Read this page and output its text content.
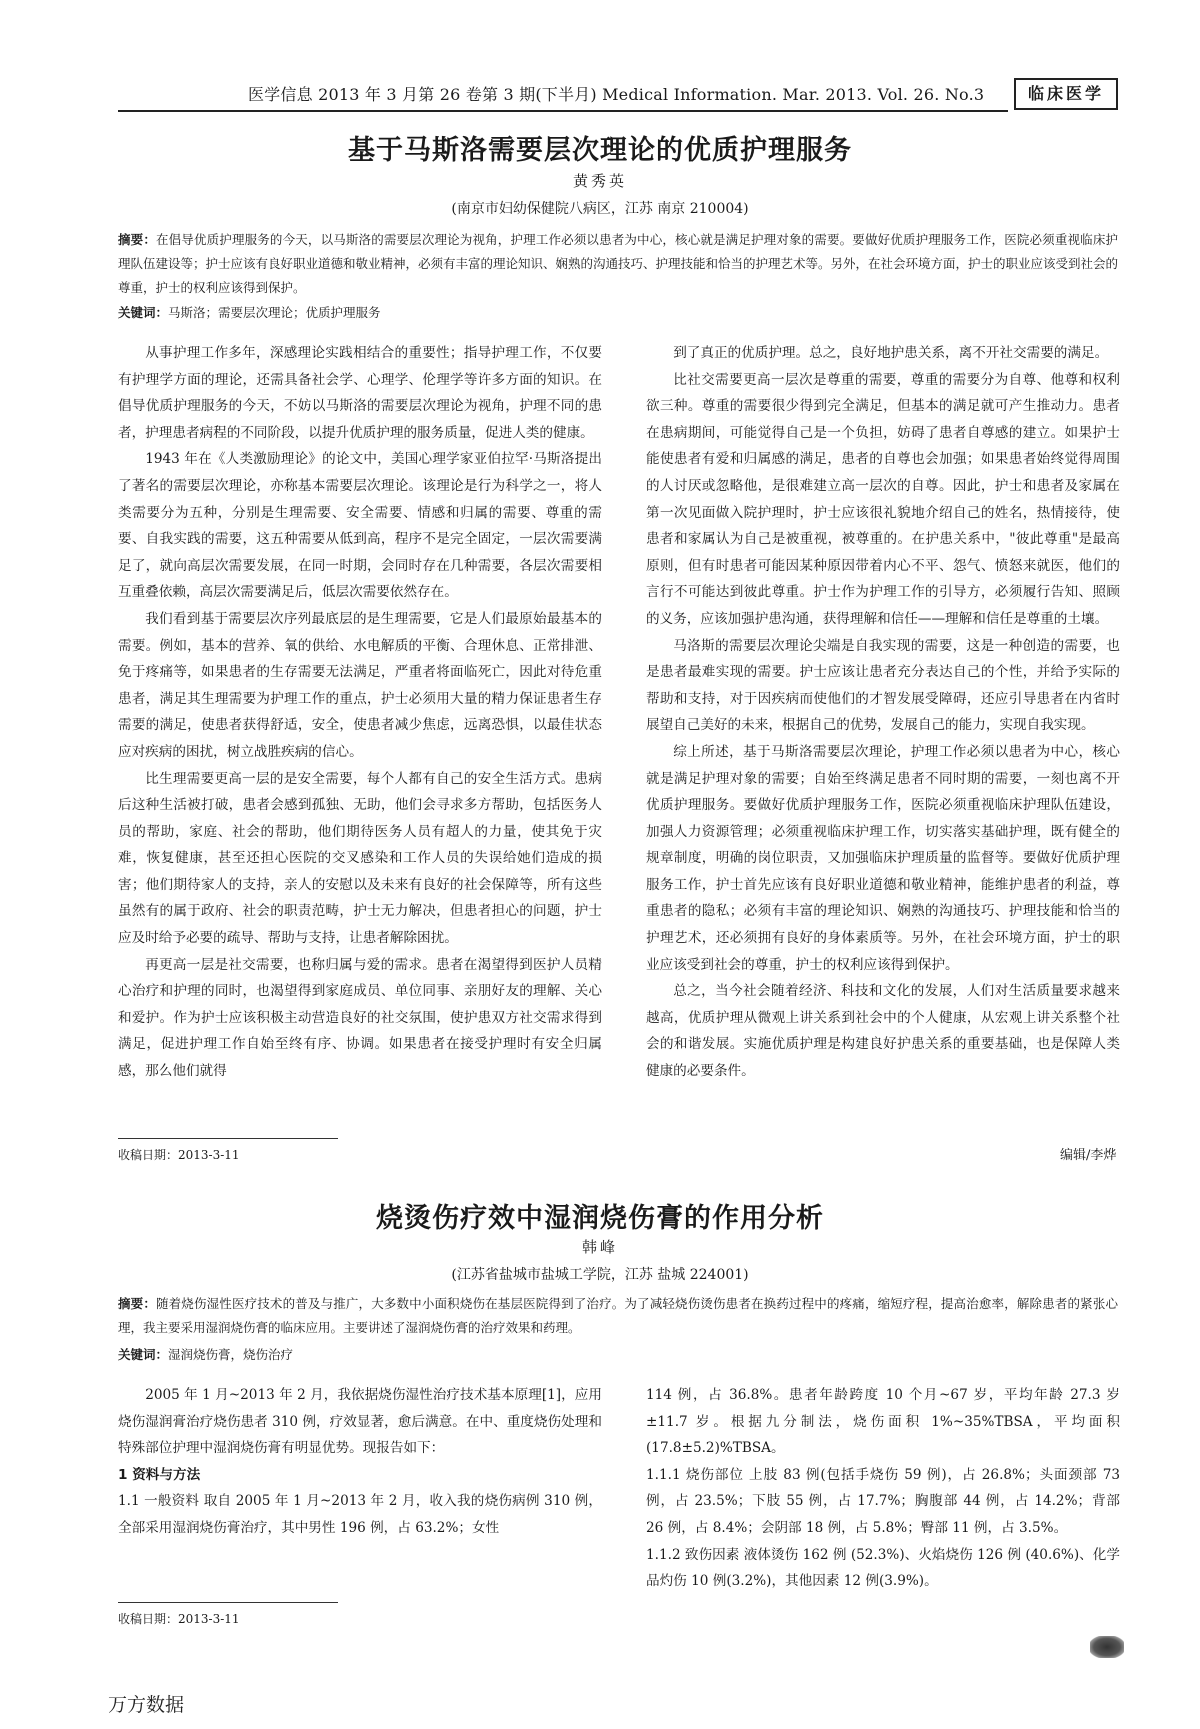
医学信息 2013 年 3 月第 26 卷第 3 期(下半月) Medical Information. Mar. 2013. Vol. 26. No.3	临床医学
基于马斯洛需要层次理论的优质护理服务
黄秀英
(南京市妇幼保健院八病区，江苏 南京 210004)
摘要：在倡导优质护理服务的今天，以马斯洛的需要层次理论为视角，护理工作必须以患者为中心，核心就是满足护理对象的需要。要做好优质护理服务工作，医院必须重视临床护理队伍建设等；护士应该有良好职业道德和敬业精神，必须有丰富的理论知识、娴熟的沟通技巧、护理技能和恰当的护理艺术等。另外，在社会环境方面，护士的职业应该受到社会的尊重，护士的权利应该得到保护。
关键词：马斯洛；需要层次理论；优质护理服务

从事护理工作多年，深感理论实践相结合的重要性；指导护理工作，不仅要有护理学方面的理论，还需具备社会学、心理学、伦理学等许多方面的知识。在倡导优质护理服务的今天，不妨以马斯洛的需要层次理论为视角，护理不同的患者，护理患者病程的不同阶段，以提升优质护理的服务质量，促进人类的健康。

1943 年在《人类激励理论》的论文中，美国心理学家亚伯拉罕·马斯洛提出了著名的需要层次理论，亦称基本需要层次理论。该理论是行为科学之一，将人类需要分为五种，分别是生理需要、安全需要、情感和归属的需要、尊重的需要、自我实践的需要，这五种需要从低到高，程序不是完全固定，一层次需要满足了，就向高层次需要发展，在同一时期，会同时存在几种需要，各层次需要相互重叠依赖，高层次需要满足后，低层次需要依然存在。

我们看到基于需要层次序列最底层的是生理需要，它是人们最原始最基本的需要。例如，基本的营养、氧的供给、水电解质的平衡、合理休息、正常排泄、免于疼痛等，如果患者的生存需要无法满足，严重者将面临死亡，因此对待危重患者，满足其生理需要为护理工作的重点，护士必须用大量的精力保证患者生存需要的满足，使患者获得舒适，安全，使患者减少焦虑，远离恐惧，以最佳状态应对疾病的困扰，树立战胜疾病的信心。

比生理需要更高一层的是安全需要，每个人都有自己的安全生活方式。患病后这种生活被打破，患者会感到孤独、无助，他们会寻求多方帮助，包括医务人员的帮助，家庭、社会的帮助，他们期待医务人员有超人的力量，使其免于灾难，恢复健康，甚至还担心医院的交叉感染和工作人员的失误给她们造成的损害；他们期待家人的支持，亲人的安慰以及未来有良好的社会保障等，所有这些虽然有的属于政府、社会的职责范畴，护士无力解决，但患者担心的问题，护士应及时给予必要的疏导、帮助与支持，让患者解除困扰。

再更高一层是社交需要，也称归属与爱的需求。患者在渴望得到医护人员精心治疗和护理的同时，也渴望得到家庭成员、单位同事、亲朋好友的理解、关心和爱护。作为护士应该积极主动营造良好的社交氛围，使护患双方社交需求得到满足，促进护理工作自始至终有序、协调。如果患者在接受护理时有安全归属感，那么他们就得

到了真正的优质护理。总之，良好地护患关系，离不开社交需要的满足。

比社交需要更高一层次是尊重的需要，尊重的需要分为自尊、他尊和权利欲三种。尊重的需要很少得到完全满足，但基本的满足就可产生推动力。患者在患病期间，可能觉得自己是一个负担，妨碍了患者自尊感的建立。如果护士能使患者有爱和归属感的满足，患者的自尊也会加强；如果患者始终觉得周围的人讨厌或忽略他，是很难建立高一层次的自尊。因此，护士和患者及家属在第一次见面做入院护理时，护士应该很礼貌地介绍自己的姓名，热情接待，使患者和家属认为自己是被重视，被尊重的。在护患关系中，"彼此尊重"是最高原则，但有时患者可能因某种原因带着内心不平、怨气、愤怒来就医，他们的言行不可能达到彼此尊重。护士作为护理工作的引导方，必须履行告知、照顾的义务，应该加强护患沟通，获得理解和信任——理解和信任是尊重的土壤。

马洛斯的需要层次理论尖端是自我实现的需要，这是一种创造的需要，也是患者最难实现的需要。护士应该让患者充分表达自己的个性，并给予实际的帮助和支持，对于因疾病而使他们的才智发展受障碍，还应引导患者在内省时展望自己美好的未来，根据自己的优势，发展自己的能力，实现自我实现。

综上所述，基于马斯洛需要层次理论，护理工作必须以患者为中心，核心就是满足护理对象的需要；自始至终满足患者不同时期的需要，一刻也离不开优质护理服务。要做好优质护理服务工作，医院必须重视临床护理队伍建设，加强人力资源管理；必须重视临床护理工作，切实落实基础护理，既有健全的规章制度，明确的岗位职责，又加强临床护理质量的监督等。要做好优质护理服务工作，护士首先应该有良好职业道德和敬业精神，能维护患者的利益，尊重患者的隐私；必须有丰富的理论知识、娴熟的沟通技巧、护理技能和恰当的护理艺术，还必须拥有良好的身体素质等。另外，在社会环境方面，护士的职业应该受到社会的尊重，护士的权利应该得到保护。

总之，当今社会随着经济、科技和文化的发展，人们对生活质量要求越来越高，优质护理从微观上讲关系到社会中的个人健康，从宏观上讲关系整个社会的和谐发展。实施优质护理是构建良好护患关系的重要基础，也是保障人类健康的必要条件。

收稿日期：2013-3-11	编辑/李烨
烧烫伤疗效中湿润烧伤膏的作用分析
韩峰
(江苏省盐城市盐城工学院，江苏 盐城 224001)
摘要：随着烧伤湿性医疗技术的普及与推广，大多数中小面积烧伤在基层医院得到了治疗。为了减轻烧伤烫伤患者在换药过程中的疼痛，缩短疗程，提高治愈率，解除患者的紧张心理，我主要采用湿润烧伤膏的临床应用。主要讲述了湿润烧伤膏的治疗效果和药理。
关键词：湿润烧伤膏，烧伤治疗

2005 年 1 月~2013 年 2 月，我依据烧伤湿性治疗技术基本原理[1]，应用烧伤湿润膏治疗烧伤患者 310 例，疗效显著，愈后满意。在中、重度烧伤处理和特殊部位护理中湿润烧伤膏有明显优势。现报告如下：

1 资料与方法

1.1 一般资料 取自 2005 年 1 月~2013 年 2 月，收入我的烧伤病例 310 例，全部采用湿润烧伤膏治疗，其中男性 196 例，占 63.2%；女性

114 例，占 36.8%。患者年龄跨度 10 个月~67 岁，平均年龄 27.3 岁±11.7 岁。根据九分制法，烧伤面积 1%~35%TBSA，平均面积(17.8±5.2)%TBSA。

1.1.1 烧伤部位 上肢 83 例(包括手烧伤 59 例)，占 26.8%；头面颈部 73 例，占 23.5%；下肢 55 例，占 17.7%；胸腹部 44 例，占 14.2%；背部 26 例，占 8.4%；会阴部 18 例，占 5.8%；臀部 11 例，占 3.5%。

1.1.2 致伤因素 液体烫伤 162 例 (52.3%)、火焰烧伤 126 例 (40.6%)、化学品灼伤 10 例(3.2%)，其他因素 12 例(3.9%)。

收稿日期：2013-3-11
万方数据
